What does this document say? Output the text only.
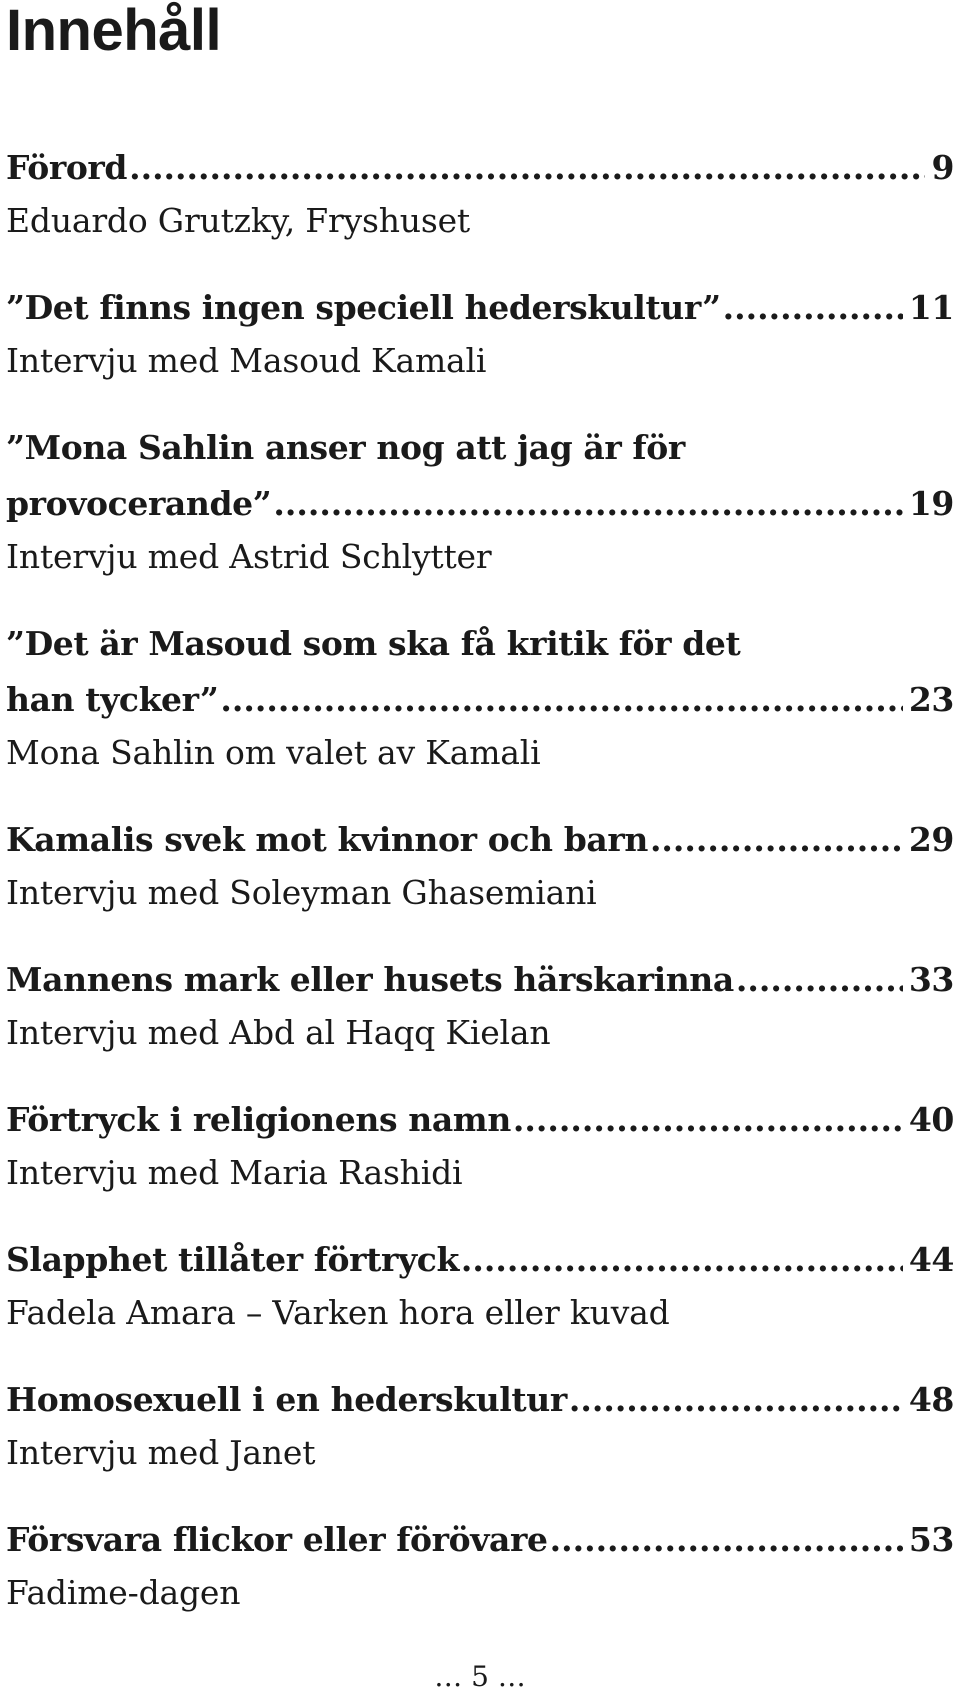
Innehåll
Förord .....	9
Eduardo Grutzky, Fryshuset
”Det finns ingen speciell hederskultur” .....	11
Intervju med Masoud Kamali
”Mona Sahlin anser nog att jag är för
provocerande” .....	19
Intervju med Astrid Schlytter
”Det är Masoud som ska få kritik för det
han tycker” .....	23
Mona Sahlin om valet av Kamali
Kamalis svek mot kvinnor och barn .....	29
Intervju med Soleyman Ghasemiani
Mannens mark eller husets härskarinna .....	33
Intervju med Abd al Haqq Kielan
Förtryck i religionens namn .....	40
Intervju med Maria Rashidi
Slapphet tillåter förtryck .....	44
Fadela Amara – Varken hora eller kuvad
Homosexuell i en hederskultur .....	48
Intervju med Janet
Försvara flickor eller förövare .....	53
Fadime-dagen
… 5 …
